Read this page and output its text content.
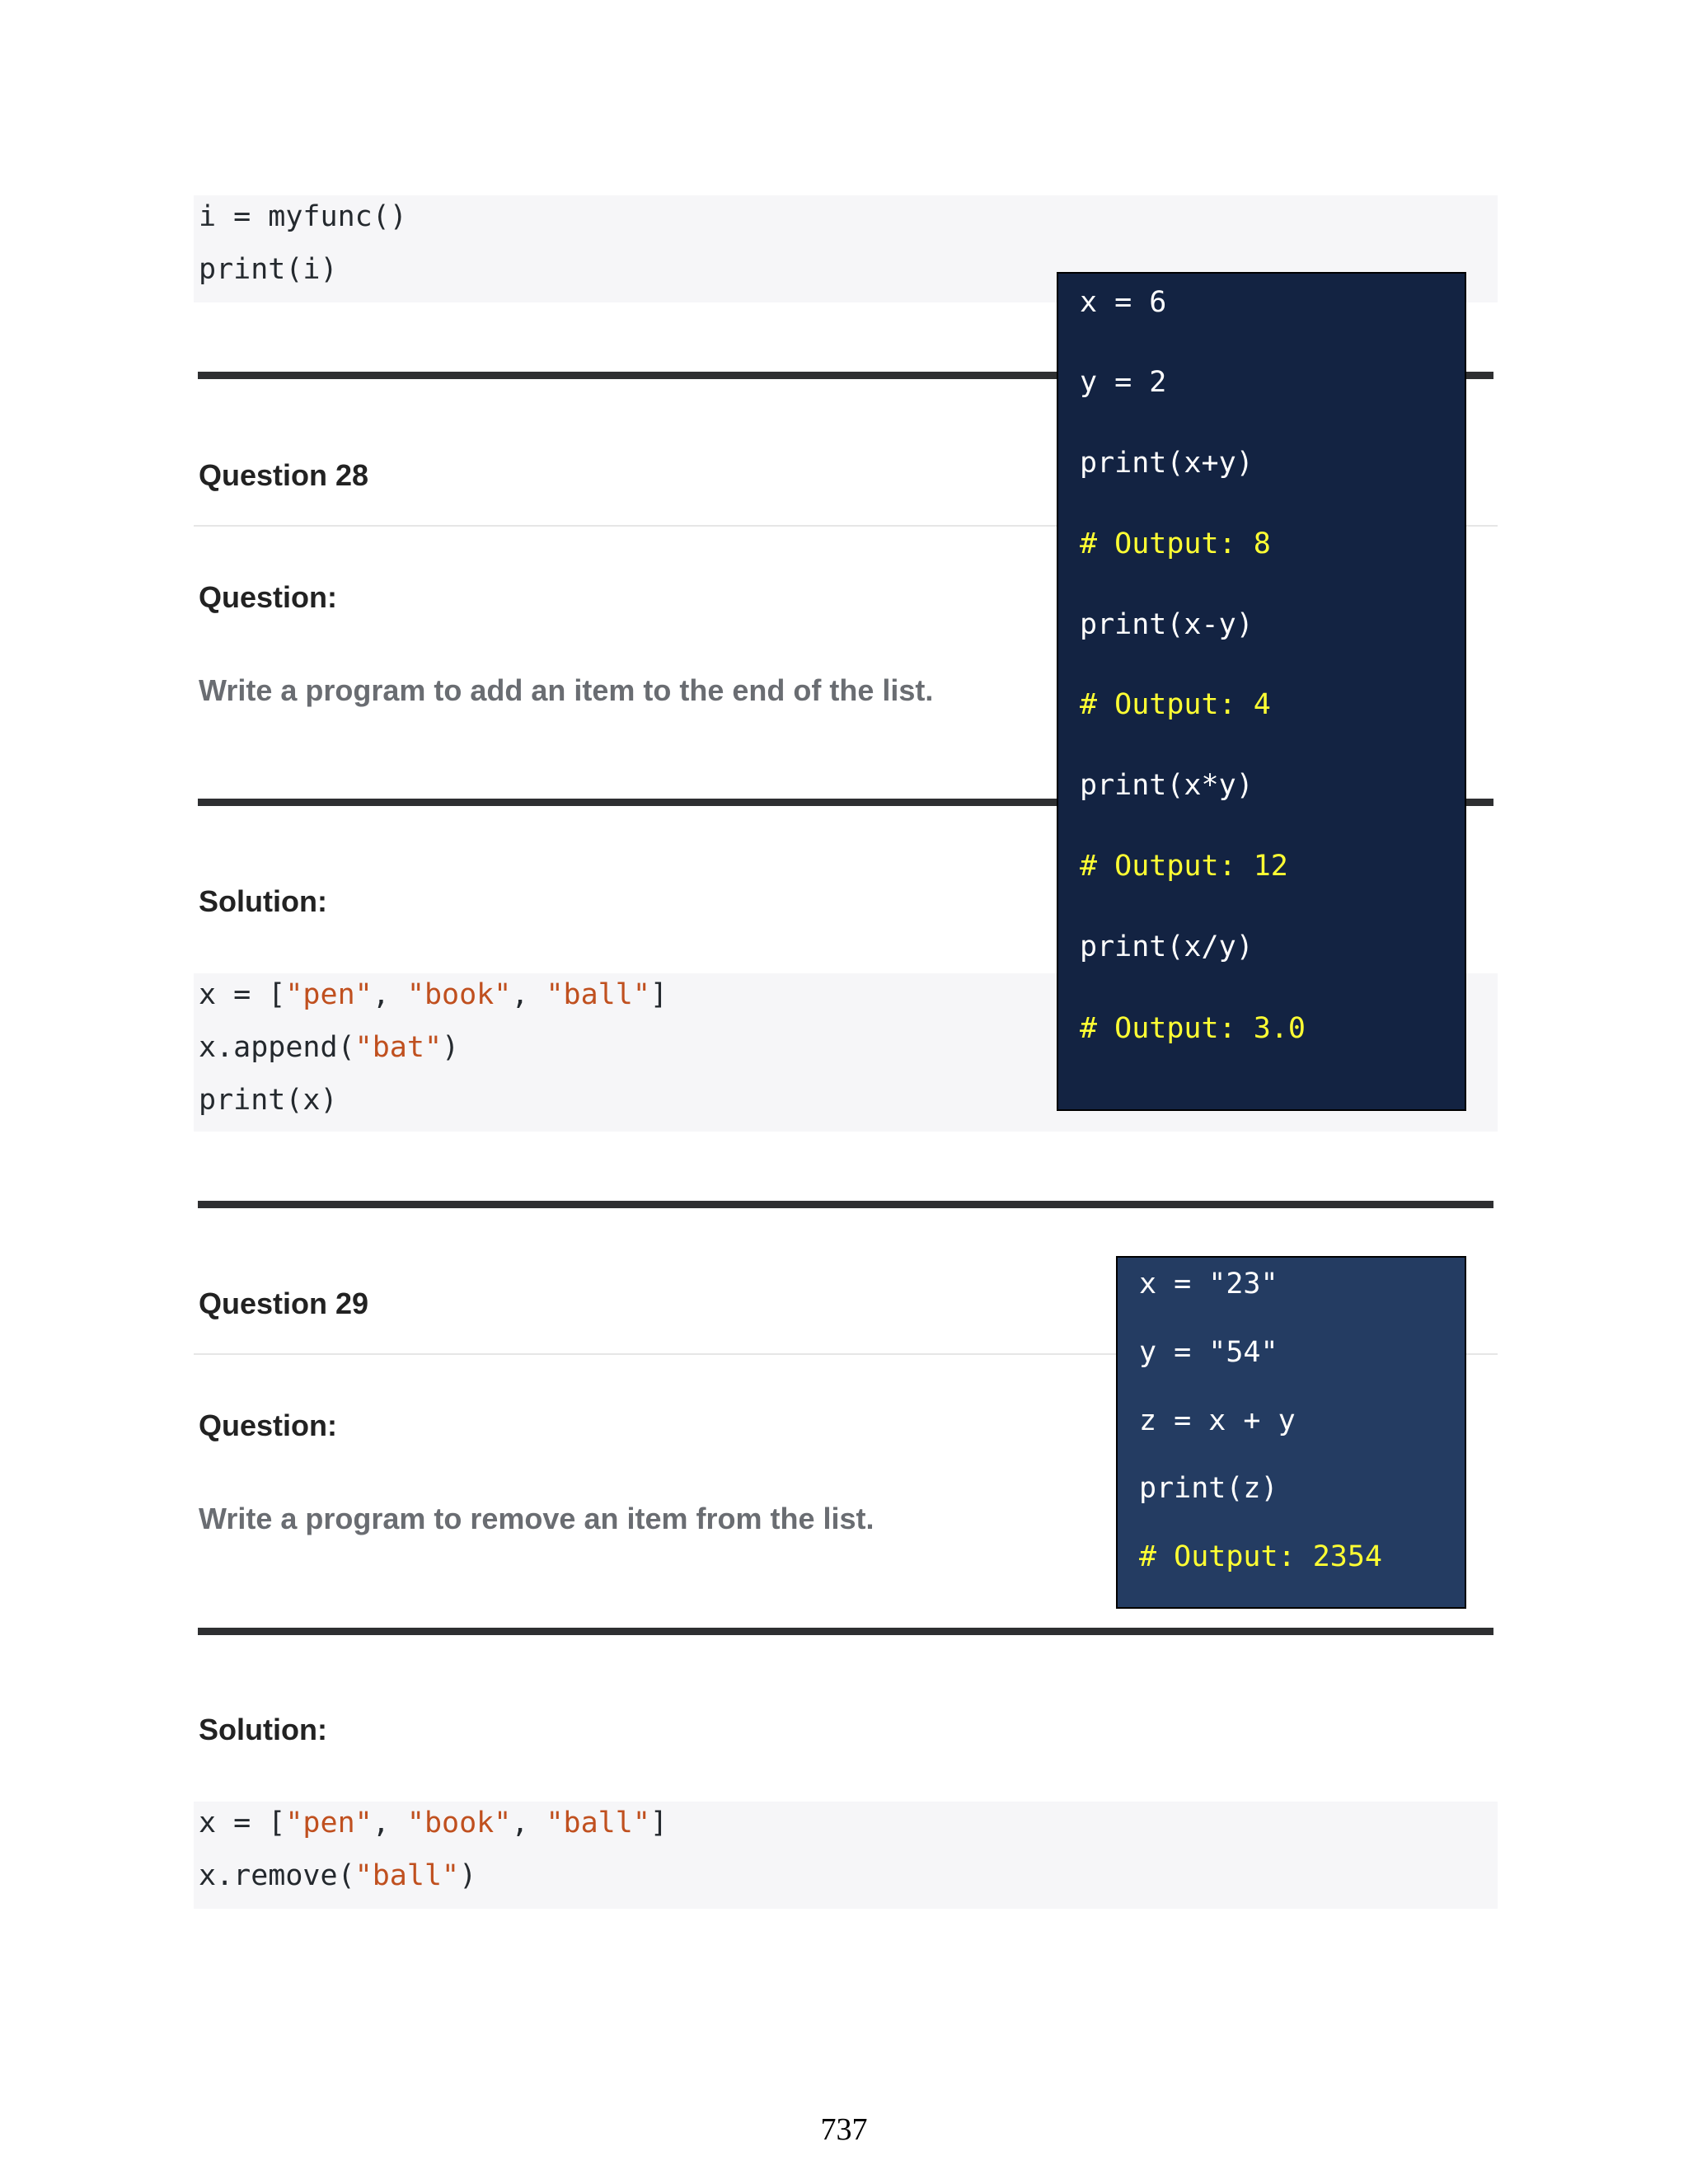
i = myfunc()
print(i)
Question 28
Question:
Write a program to add an item to the end of the list.
Solution:
x = ["pen", "book", "ball"]
x.append("bat")
print(x)
Question 29
Question:
Write a program to remove an item from the list.
Solution:
x = ["pen", "book", "ball"]
x.remove("ball")
x = 6
y = 2
print(x+y)
# Output: 8
print(x-y)
# Output: 4
print(x*y)
# Output: 12
print(x/y)
# Output: 3.0
x = "23"
y = "54"
z = x + y
print(z)
# Output: 2354
737
